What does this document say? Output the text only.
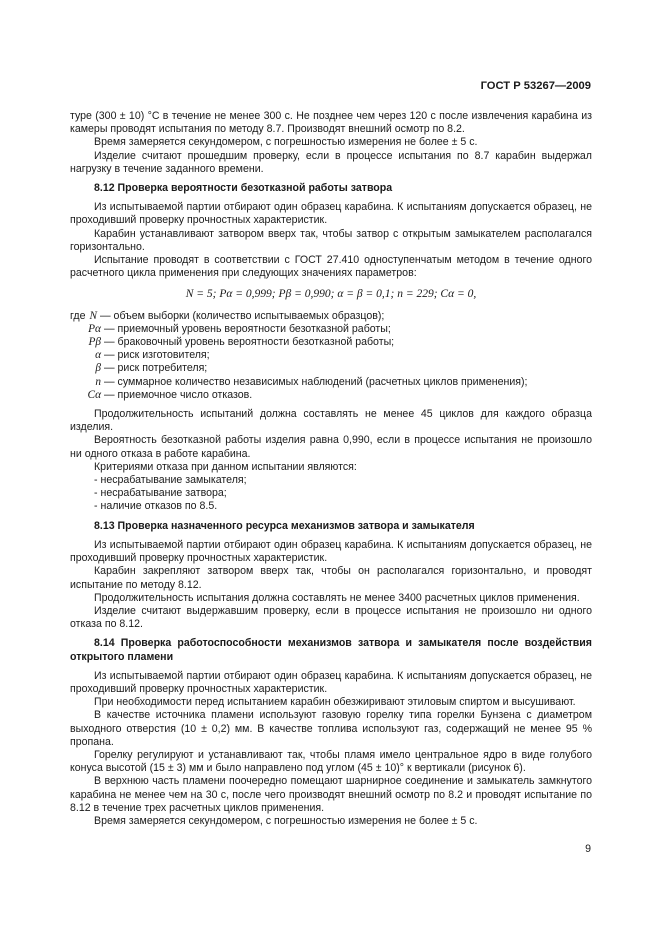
ГОСТ Р 53267—2009

туре (300 ± 10) °С в течение не менее 300 с. Не позднее чем через 120 с после извлечения карабина из камеры проводят испытания по методу 8.7. Производят внешний осмотр по 8.2.

Время замеряется секундомером, с погрешностью измерения не более ± 5 с.

Изделие считают прошедшим проверку, если в процессе испытания по 8.7 карабин выдержал нагрузку в течение заданного времени.

8.12 Проверка вероятности безотказной работы затвора

Из испытываемой партии отбирают один образец карабина. К испытаниям допускается образец, не проходивший проверку прочностных характеристик.

Карабин устанавливают затвором вверх так, чтобы затвор с открытым замыкателем располагался горизонтально.

Испытание проводят в соответствии с ГОСТ 27.410 одноступенчатым методом в течение одного расчетного цикла применения при следующих значениях параметров:

N = 5; Pα = 0,999; Pβ = 0,990; α = β = 0,1; n = 229; Cα = 0,

где N — объем выборки (количество испытываемых образцов);
Pα — приемочный уровень вероятности безотказной работы;
Pβ — браковочный уровень вероятности безотказной работы;
α — риск изготовителя;
β — риск потребителя;
n — суммарное количество независимых наблюдений (расчетных циклов применения);
Cα — приемочное число отказов.

Продолжительность испытаний должна составлять не менее 45 циклов для каждого образца изделия.

Вероятность безотказной работы изделия равна 0,990, если в процессе испытания не произошло ни одного отказа в работе карабина.

Критериями отказа при данном испытании являются:

- несрабатывание замыкателя;

- несрабатывание затвора;

- наличие отказов по 8.5.

8.13 Проверка назначенного ресурса механизмов затвора и замыкателя

Из испытываемой партии отбирают один образец карабина. К испытаниям допускается образец, не проходивший проверку прочностных характеристик.

Карабин закрепляют затвором вверх так, чтобы он располагался горизонтально, и проводят испытание по методу 8.12.

Продолжительность испытания должна составлять не менее 3400 расчетных циклов применения.

Изделие считают выдержавшим проверку, если в процессе испытания не произошло ни одного отказа по 8.12.

8.14 Проверка работоспособности механизмов затвора и замыкателя после воздействия открытого пламени

Из испытываемой партии отбирают один образец карабина. К испытаниям допускается образец, не проходивший проверку прочностных характеристик.

При необходимости перед испытанием карабин обезжиривают этиловым спиртом и высушивают.

В качестве источника пламени используют газовую горелку типа горелки Бунзена с диаметром выходного отверстия (10 ± 0,2) мм. В качестве топлива используют газ, содержащий не менее 95 % пропана.

Горелку регулируют и устанавливают так, чтобы пламя имело центральное ядро в виде голубого конуса высотой (15 ± 3) мм и было направлено под углом (45 ± 10)° к вертикали (рисунок 6).

В верхнюю часть пламени поочередно помещают шарнирное соединение и замыкатель замкнутого карабина не менее чем на 30 с, после чего производят внешний осмотр по 8.2 и проводят испытание по 8.12 в течение трех расчетных циклов применения.

Время замеряется секундомером, с погрешностью измерения не более ± 5 с.

9
